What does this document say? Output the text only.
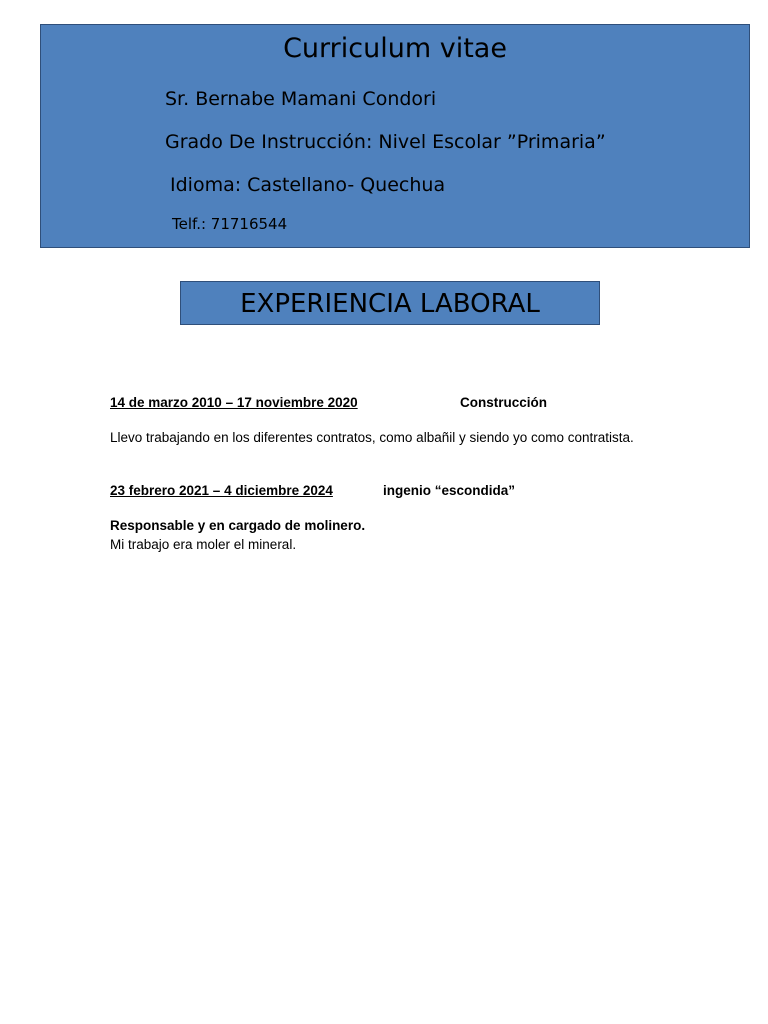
Curriculum vitae

Sr. Bernabe Mamani Condori

Grado De Instrucción: Nivel Escolar ”Primaria”

Idioma: Castellano- Quechua

Telf.: 71716544

EXPERIENCIA LABORAL
14 de marzo 2010 – 17 noviembre 2020	Construcción

Llevo trabajando en los diferentes contratos, como albañil y siendo yo como contratista.

23 febrero 2021 – 4 diciembre 2024	ingenio “escondida”

Responsable y en cargado de molinero.

Mi trabajo era moler el mineral.
